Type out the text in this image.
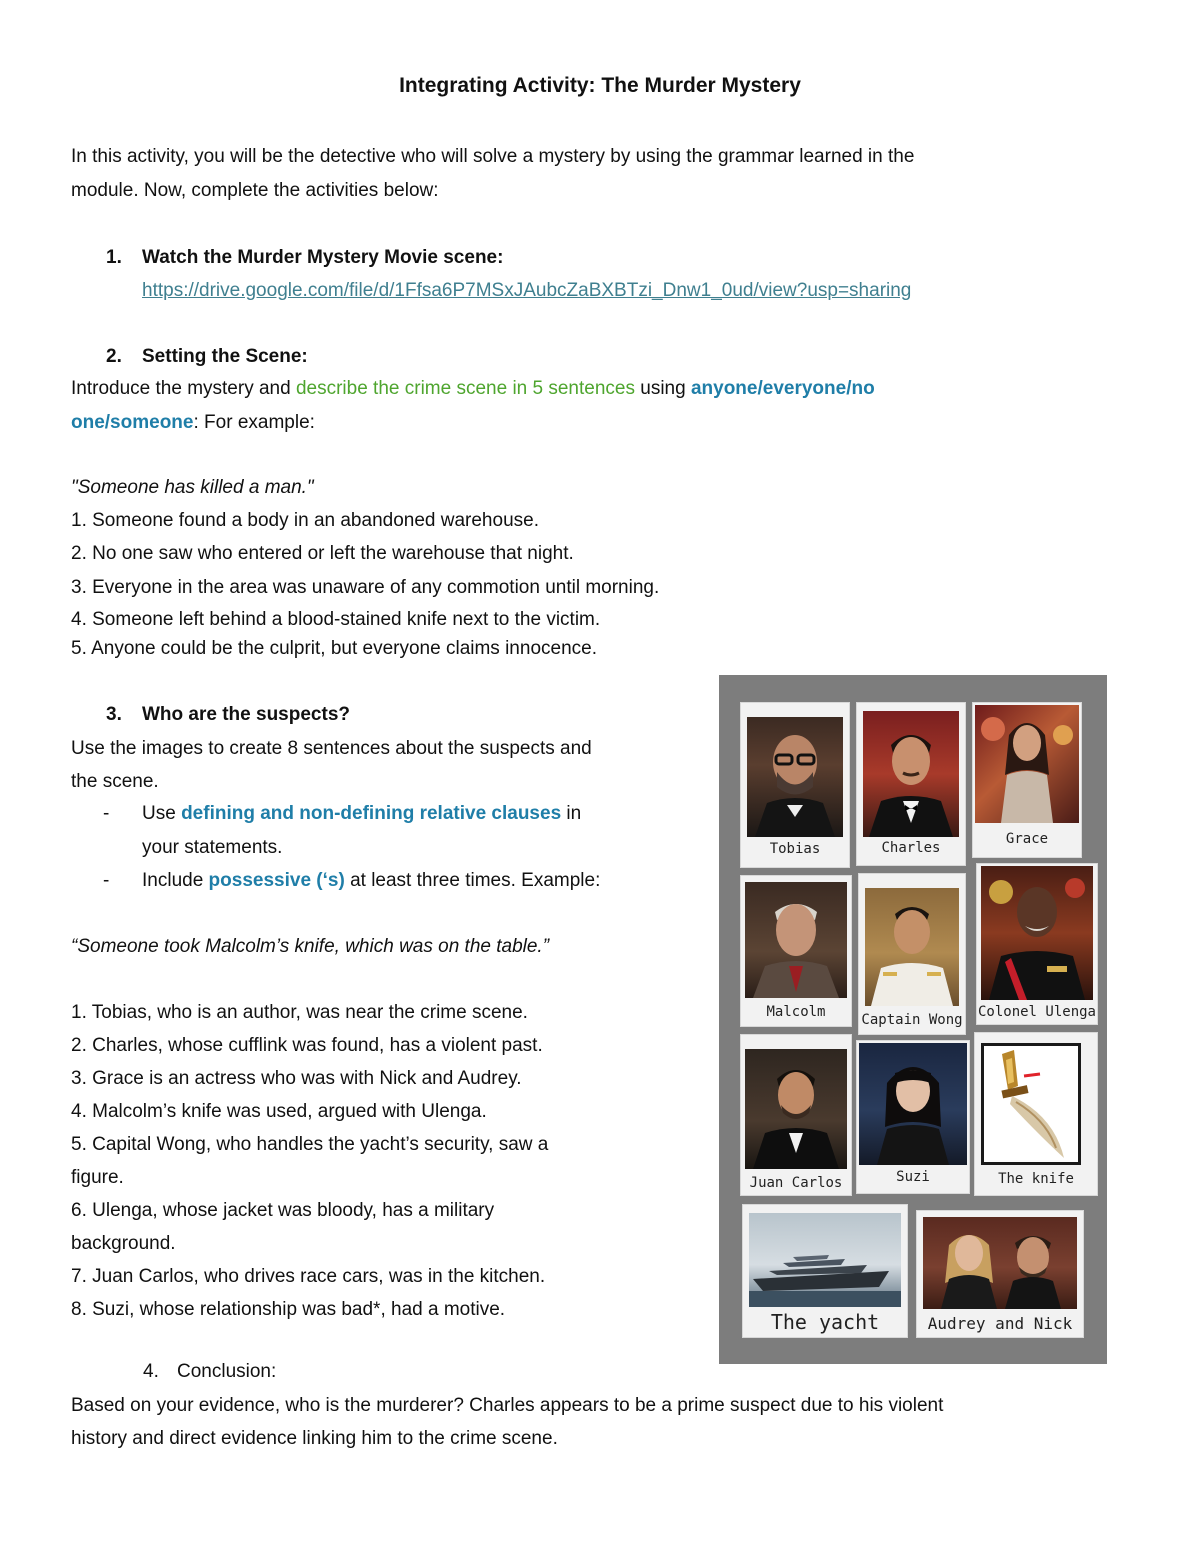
Integrating Activity: The Murder Mystery
In this activity, you will be the detective who will solve a mystery by using the grammar learned in the
module. Now, complete the activities below:
1. Watch the Murder Mystery Movie scene:
https://drive.google.com/file/d/1Ffsa6P7MSxJAubcZaBXBTzi_Dnw1_0ud/view?usp=sharing
2. Setting the Scene:
Introduce the mystery and describe the crime scene in 5 sentences using anyone/everyone/no
one/someone: For example:
"Someone has killed a man."
1. Someone found a body in an abandoned warehouse.
2. No one saw who entered or left the warehouse that night.
3. Everyone in the area was unaware of any commotion until morning.
4. Someone left behind a blood-stained knife next to the victim.
5. Anyone could be the culprit, but everyone claims innocence.
3. Who are the suspects?
Use the images to create 8 sentences about the suspects and
the scene.
- Use defining and non-defining relative clauses in
your statements.
- Include possessive (‘s) at least three times. Example:
“Someone took Malcolm’s knife, which was on the table.”
1. Tobias, who is an author, was near the crime scene.
2. Charles, whose cufflink was found, has a violent past.
3. Grace is an actress who was with Nick and Audrey.
4. Malcolm’s knife was used, argued with Ulenga.
5. Capital Wong, who handles the yacht’s security, saw a
figure.
6. Ulenga, whose jacket was bloody, has a military
background.
7. Juan Carlos, who drives race cars, was in the kitchen.
8. Suzi, whose relationship was bad*, had a motive.
4. Conclusion:
Based on your evidence, who is the murderer? Charles appears to be a prime suspect due to his violent
history and direct evidence linking him to the crime scene.
Tobias	Charles
Grace
Malcolm	Captain Wong Colonel Ulenga
Juan Carlos	Suzi	The knife
The yacht	Audrey and Nick
